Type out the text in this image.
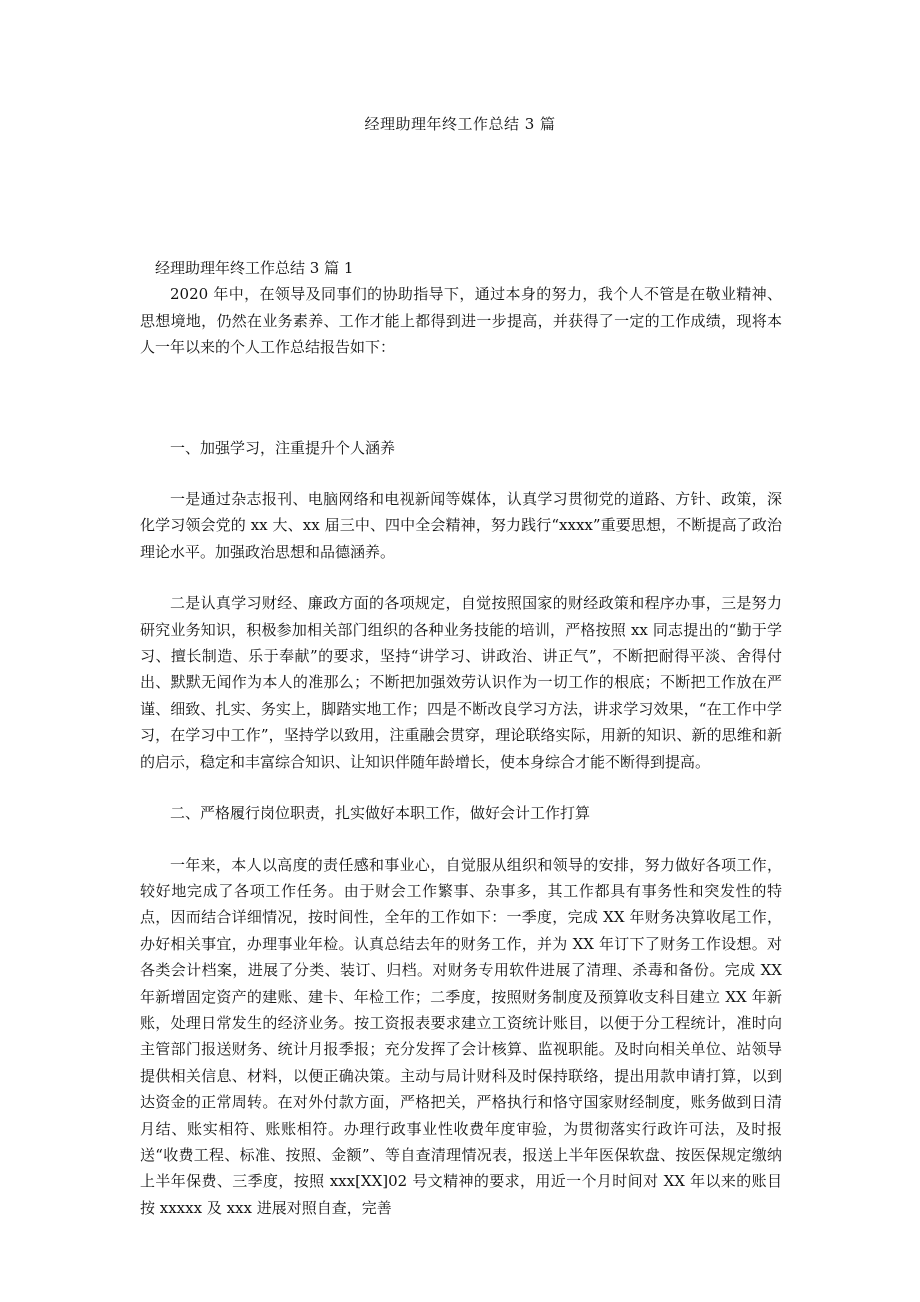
经理助理年终工作总结 3 篇

经理助理年终工作总结 3 篇 1

2020 年中，在领导及同事们的协助指导下，通过本身的努力，我个人不管是在敬业精神、思想境地，仍然在业务素养、工作才能上都得到进一步提高，并获得了一定的工作成绩，现将本人一年以来的个人工作总结报告如下：

一、加强学习，注重提升个人涵养

一是通过杂志报刊、电脑网络和电视新闻等媒体，认真学习贯彻党的道路、方针、政策，深化学习领会党的 xx 大、xx 届三中、四中全会精神，努力践行“xxxx”重要思想，不断提高了政治理论水平。加强政治思想和品德涵养。

二是认真学习财经、廉政方面的各项规定，自觉按照国家的财经政策和程序办事，三是努力研究业务知识，积极参加相关部门组织的各种业务技能的培训，严格按照 xx 同志提出的“勤于学习、擅长制造、乐于奉献”的要求，坚持“讲学习、讲政治、讲正气”，不断把耐得平淡、舍得付出、默默无闻作为本人的准那么；不断把加强效劳认识作为一切工作的根底；不断把工作放在严谨、细致、扎实、务实上，脚踏实地工作；四是不断改良学习方法，讲求学习效果，“在工作中学习，在学习中工作”，坚持学以致用，注重融会贯穿，理论联络实际，用新的知识、新的思维和新的启示，稳定和丰富综合知识、让知识伴随年龄增长，使本身综合才能不断得到提高。

二、严格履行岗位职责，扎实做好本职工作，做好会计工作打算

一年来，本人以高度的责任感和事业心，自觉服从组织和领导的安排，努力做好各项工作，较好地完成了各项工作任务。由于财会工作繁事、杂事多，其工作都具有事务性和突发性的特点，因而结合详细情况，按时间性，全年的工作如下：一季度，完成 XX 年财务决算收尾工作，办好相关事宜，办理事业年检。认真总结去年的财务工作，并为 XX 年订下了财务工作设想。对各类会计档案，进展了分类、装订、归档。对财务专用软件进展了清理、杀毒和备份。完成 XX 年新增固定资产的建账、建卡、年检工作；二季度，按照财务制度及预算收支科目建立 XX 年新账，处理日常发生的经济业务。按工资报表要求建立工资统计账目，以便于分工程统计，准时向主管部门报送财务、统计月报季报；充分发挥了会计核算、监视职能。及时向相关单位、站领导提供相关信息、材料，以便正确决策。主动与局计财科及时保持联络，提出用款申请打算，以到达资金的正常周转。在对外付款方面，严格把关，严格执行和恪守国家财经制度，账务做到日清月结、账实相符、账账相符。办理行政事业性收费年度审验，为贯彻落实行政许可法，及时报送“收费工程、标准、按照、金额”、等自查清理情况表，报送上半年医保软盘、按医保规定缴纳上半年保费、三季度，按照 xxx[XX]02 号文精神的要求，用近一个月时间对 XX 年以来的账目按 xxxxx 及 xxx 进展对照自查，完善
